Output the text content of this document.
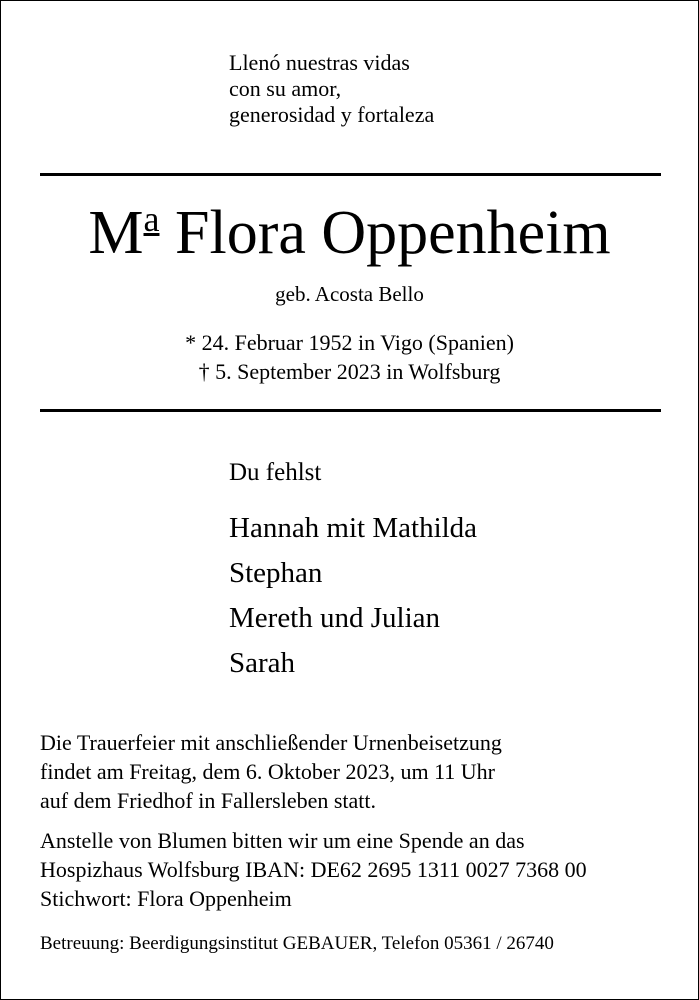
Llenó nuestras vidas
con su amor,
generosidad y fortaleza
$M^a$ Flora Oppenheim
geb. Acosta Bello
* 24. Februar 1952 in Vigo (Spanien)
† 5. September 2023 in Wolfsburg
Du fehlst
Hannah mit Mathilda
Stephan
Mereth und Julian
Sarah
Die Trauerfeier mit anschließender Urnenbeisetzung
findet am Freitag, dem 6. Oktober 2023, um 11 Uhr
auf dem Friedhof in Fallersleben statt.
Anstelle von Blumen bitten wir um eine Spende an das
Hospizhaus Wolfsburg IBAN: DE62 2695 1311 0027 7368 00
Stichwort: Flora Oppenheim
Betreuung: Beerdigungsinstitut GEBAUER, Telefon 05361 / 26740
